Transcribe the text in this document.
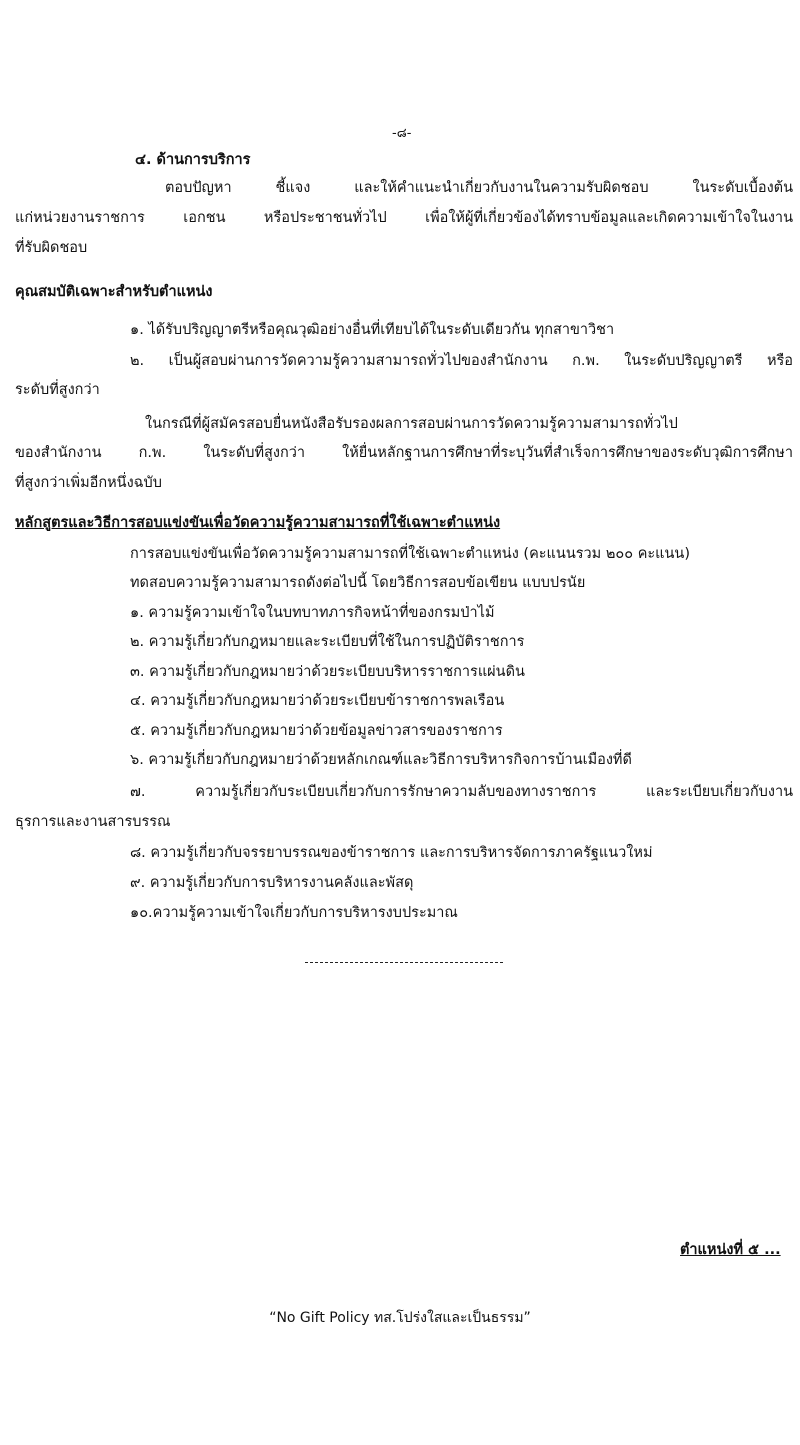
-๘-
๔. ด้านการบริการ
ตอบปัญหา ชี้แจง และให้คำแนะนำเกี่ยวกับงานในความรับผิดชอบ ในระดับเบื้องต้น
แก่หน่วยงานราชการ เอกชน หรือประชาชนทั่วไป เพื่อให้ผู้ที่เกี่ยวข้องได้ทราบข้อมูลและเกิดความเข้าใจในงาน
ที่รับผิดชอบ
คุณสมบัติเฉพาะสำหรับตำแหน่ง
๑. ได้รับปริญญาตรีหรือคุณวุฒิอย่างอื่นที่เทียบได้ในระดับเดียวกัน ทุกสาขาวิชา
๒. เป็นผู้สอบผ่านการวัดความรู้ความสามารถทั่วไปของสำนักงาน ก.พ. ในระดับปริญญาตรี หรือ
ระดับที่สูงกว่า
ในกรณีที่ผู้สมัครสอบยื่นหนังสือรับรองผลการสอบผ่านการวัดความรู้ความสามารถทั่วไป
ของสำนักงาน ก.พ. ในระดับที่สูงกว่า ให้ยื่นหลักฐานการศึกษาที่ระบุวันที่สำเร็จการศึกษาของระดับวุฒิการศึกษา
ที่สูงกว่าเพิ่มอีกหนึ่งฉบับ
หลักสูตรและวิธีการสอบแข่งขันเพื่อวัดความรู้ความสามารถที่ใช้เฉพาะตำแหน่ง
การสอบแข่งขันเพื่อวัดความรู้ความสามารถที่ใช้เฉพาะตำแหน่ง (คะแนนรวม ๒๐๐ คะแนน)
ทดสอบความรู้ความสามารถดังต่อไปนี้ โดยวิธีการสอบข้อเขียน แบบปรนัย
๑. ความรู้ความเข้าใจในบทบาทภารกิจหน้าที่ของกรมป่าไม้
๒. ความรู้เกี่ยวกับกฎหมายและระเบียบที่ใช้ในการปฏิบัติราชการ
๓. ความรู้เกี่ยวกับกฎหมายว่าด้วยระเบียบบริหารราชการแผ่นดิน
๔. ความรู้เกี่ยวกับกฎหมายว่าด้วยระเบียบข้าราชการพลเรือน
๕. ความรู้เกี่ยวกับกฎหมายว่าด้วยข้อมูลข่าวสารของราชการ
๖. ความรู้เกี่ยวกับกฎหมายว่าด้วยหลักเกณฑ์และวิธีการบริหารกิจการบ้านเมืองที่ดี
๗. ความรู้เกี่ยวกับระเบียบเกี่ยวกับการรักษาความลับของทางราชการ และระเบียบเกี่ยวกับงาน
ธุรการและงานสารบรรณ
๘. ความรู้เกี่ยวกับจรรยาบรรณของข้าราชการ และการบริหารจัดการภาครัฐแนวใหม่
๙. ความรู้เกี่ยวกับการบริหารงานคลังและพัสดุ
๑๐.ความรู้ความเข้าใจเกี่ยวกับการบริหารงบประมาณ
ตำแหน่งที่ ๕ ...
“No Gift Policy ทส.โปร่งใสและเป็นธรรม”
